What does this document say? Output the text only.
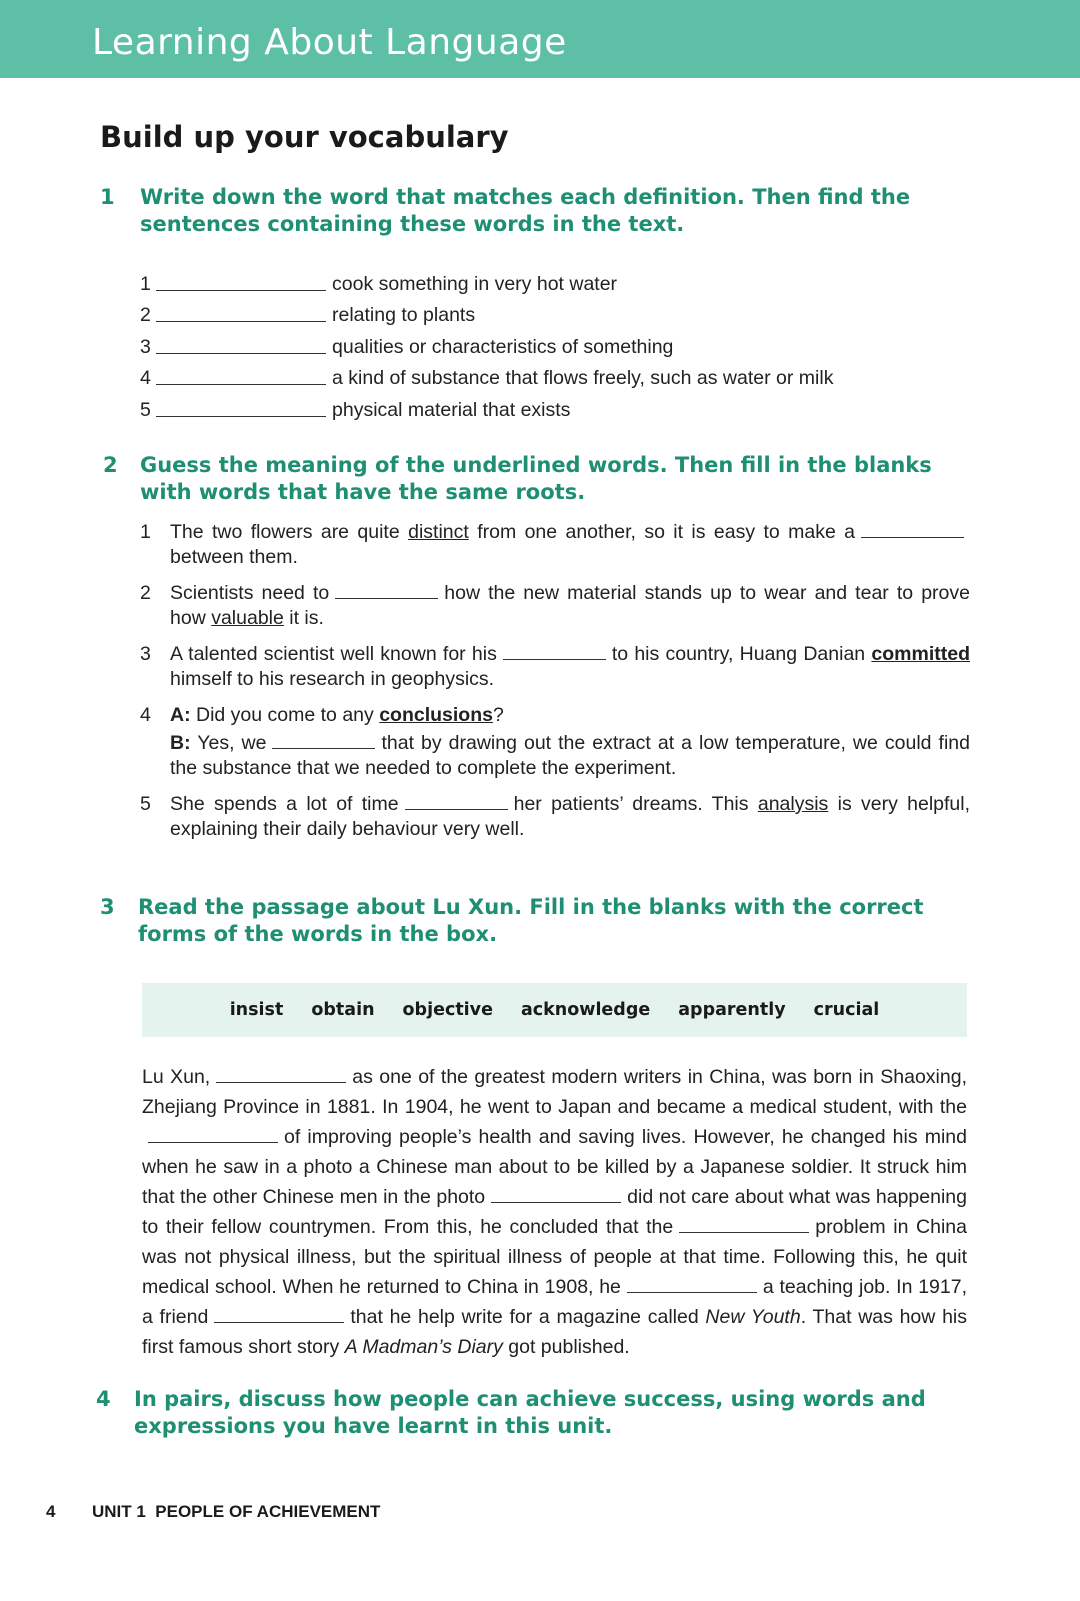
Learning About Language
Build up your vocabulary
1 Write down the word that matches each definition. Then find the sentences containing these words in the text.
1	cook something in very hot water
2	relating to plants
3	qualities or characteristics of something
4	a kind of substance that flows freely, such as water or milk
5	physical material that exists
2 Guess the meaning of the underlined words. Then fill in the blanks with words that have the same roots.
1 The two flowers are quite distinct from one another, so it is easy to make a between them.
2 Scientists need to	how the new material stands up to wear and tear to prove how valuable it is.
3 A talented scientist well known for his	to his country, Huang Danian committed himself to his research in geophysics.
4 A: Did you come to any conclusions?
B: Yes, we	that by drawing out the extract at a low temperature, we could find the substance that we needed to complete the experiment.
5 She spends a lot of time	her patients’ dreams. This analysis is very helpful, explaining their daily behaviour very well.
3 Read the passage about Lu Xun. Fill in the blanks with the correct forms of the words in the box.
insist obtain objective acknowledge apparently crucial
Lu Xun,	as one of the greatest modern writers in China, was born in Shaoxing, Zhejiang Province in 1881. In 1904, he went to Japan and became a medical student, with theof improving people’s health and saving lives. However, he changed his mind when he saw in a photo a Chinese man about to be killed by a Japanese soldier. It struck him that the other Chinese men in the photo	did not care about what was happening to their fellow countrymen. From this, he concluded that the	problem in China was not physical illness, but the spiritual illness of people at that time. Following this, he quit medical school. When he returned to China in 1908, he	a teaching job. In 1917, a friend	that he help write for a magazine called New Youth. That was how his first famous short story A Madman’s Diary got published.
4 In pairs, discuss how people can achieve success, using words and expressions you have learnt in this unit.
4 UNIT 1  PEOPLE OF ACHIEVEMENT
